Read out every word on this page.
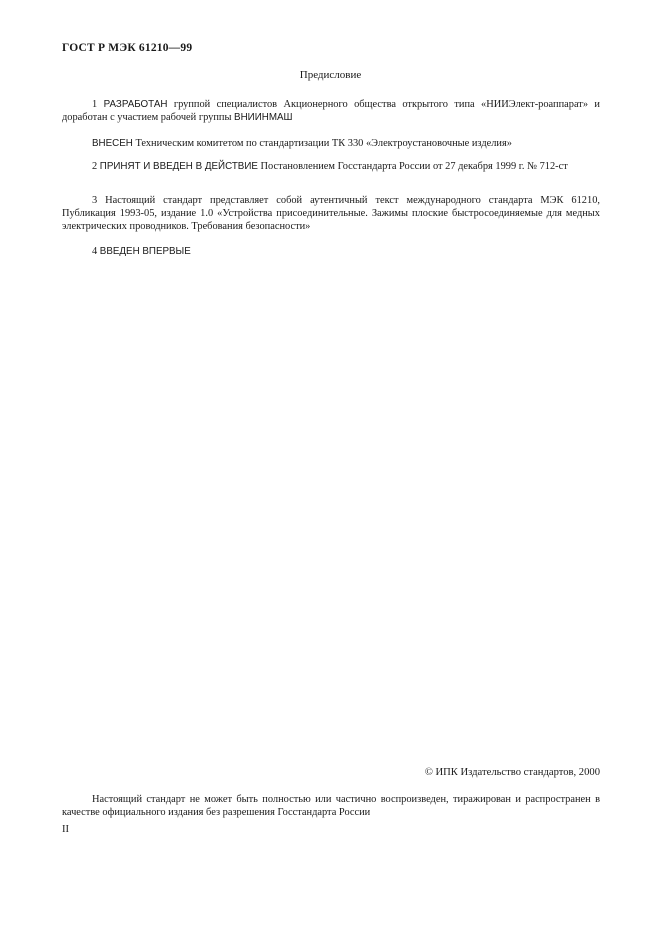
ГОСТ Р МЭК 61210—99
Предисловие

1 РАЗРАБОТАН группой специалистов Акционерного общества открытого типа «НИИЭлект-роаппарат» и доработан с участием рабочей группы ВНИИНМАШ

ВНЕСЕН Техническим комитетом по стандартизации ТК 330 «Электроустановочные изделия»

2 ПРИНЯТ И ВВЕДЕН В ДЕЙСТВИЕ Постановлением Госстандарта России от 27 декабря 1999 г. № 712-ст

3 Настоящий стандарт представляет собой аутентичный текст международного стандарта МЭК 61210, Публикация 1993-05, издание 1.0 «Устройства присоединительные. Зажимы плоские быстросоединяемые для медных электрических проводников. Требования безопасности»

4 ВВЕДЕН ВПЕРВЫЕ

© ИПК Издательство стандартов, 2000

Настоящий стандарт не может быть полностью или частично воспроизведен, тиражирован и распространен в качестве официального издания без разрешения Госстандарта России

II
